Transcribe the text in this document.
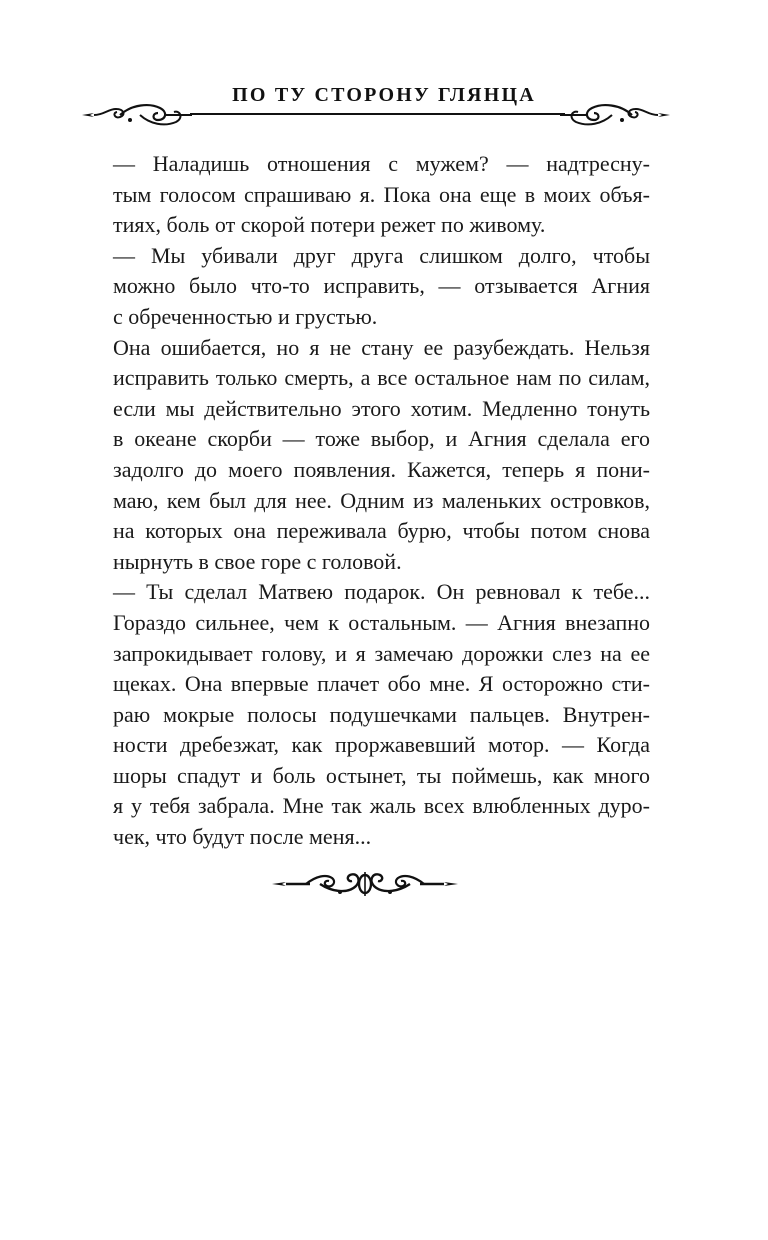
ПО ТУ СТОРОНУ ГЛЯНЦА
— Наладишь отношения с мужем? — надтресну-
тым голосом спрашиваю я. Пока она еще в моих объя-
тиях, боль от скорой потери режет по живому.
— Мы убивали друг друга слишком долго, чтобы
можно было что-то исправить, — отзывается Агния
с обреченностью и грустью.
Она ошибается, но я не стану ее разубеждать. Нельзя
исправить только смерть, а все остальное нам по силам,
если мы действительно этого хотим. Медленно тонуть
в океане скорби — тоже выбор, и Агния сделала его
задолго до моего появления. Кажется, теперь я пони-
маю, кем был для нее. Одним из маленьких островков,
на которых она переживала бурю, чтобы потом снова
нырнуть в свое горе с головой.
— Ты сделал Матвею подарок. Он ревновал к тебе...
Гораздо сильнее, чем к остальным. — Агния внезапно
запрокидывает голову, и я замечаю дорожки слез на ее
щеках. Она впервые плачет обо мне. Я осторожно сти-
раю мокрые полосы подушечками пальцев. Внутрен-
ности дребезжат, как проржавевший мотор. — Когда
шоры спадут и боль остынет, ты поймешь, как много
я у тебя забрала. Мне так жаль всех влюбленных дуро-
чек, что будут после меня...
